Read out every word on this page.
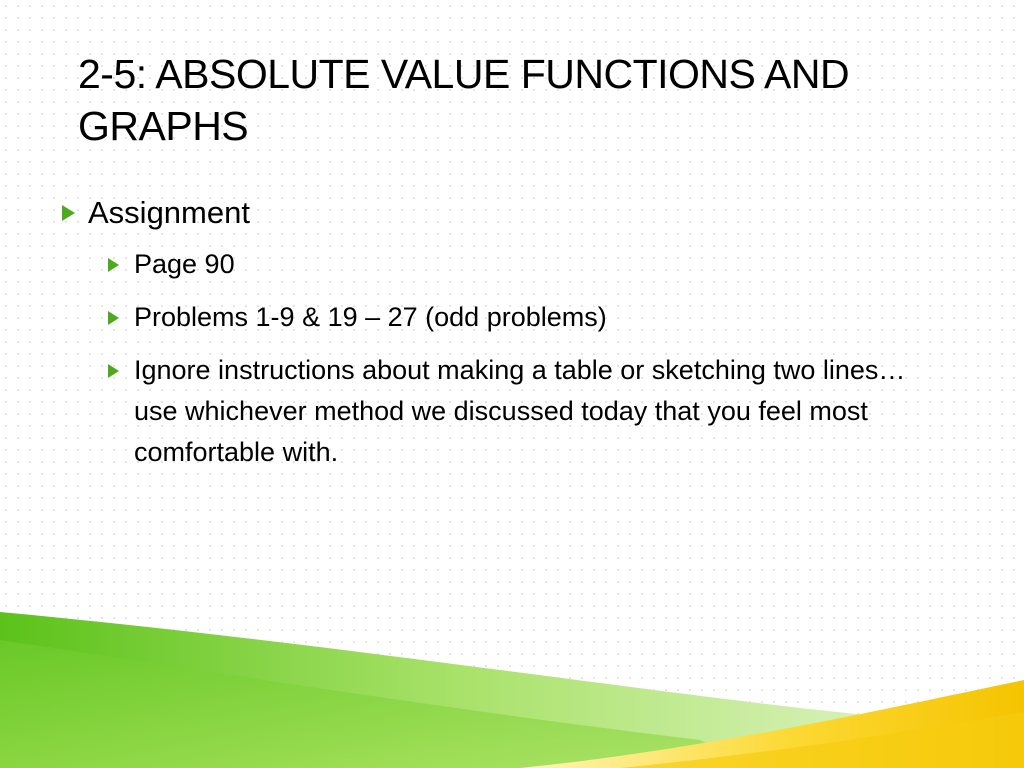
2-5: ABSOLUTE VALUE FUNCTIONS AND GRAPHS
Assignment
Page 90
Problems 1-9 & 19 – 27 (odd problems)
Ignore instructions about making a table or sketching two lines… use whichever method we discussed today that you feel most comfortable with.
